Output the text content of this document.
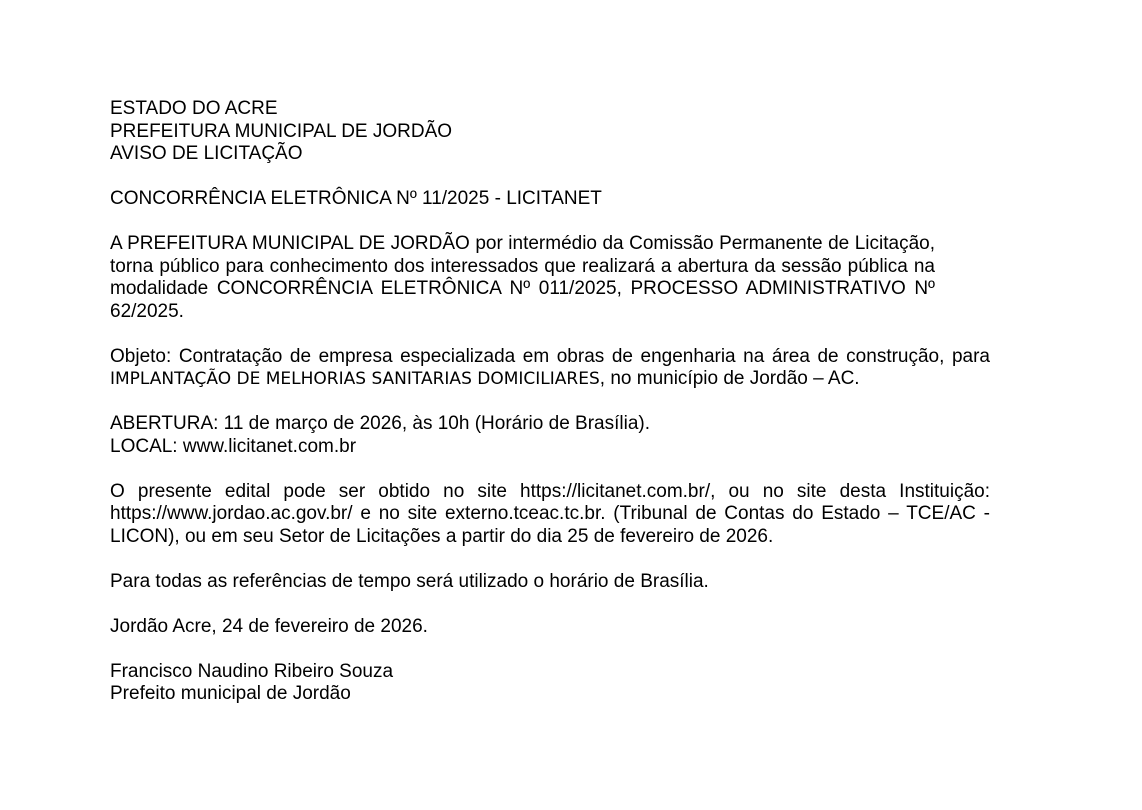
ESTADO DO ACRE
PREFEITURA MUNICIPAL DE JORDÃO
AVISO DE LICITAÇÃO
CONCORRÊNCIA ELETRÔNICA Nº 11/2025 - LICITANET

A PREFEITURA MUNICIPAL DE JORDÃO por intermédio da Comissão Permanente de Licitação, torna público para conhecimento dos interessados que realizará a abertura da sessão pública na modalidade CONCORRÊNCIA ELETRÔNICA Nº 011/2025, PROCESSO ADMINISTRATIVO Nº 62/2025.

Objeto: Contratação de empresa especializada em obras de engenharia na área de construção, para IMPLANTAÇÃO DE MELHORIAS SANITARIAS DOMICILIARES, no município de Jordão – AC.

ABERTURA: 11 de março de 2026, às 10h (Horário de Brasília).
LOCAL: www.licitanet.com.br

O presente edital pode ser obtido no site https://licitanet.com.br/, ou no site desta Instituição: https://www.jordao.ac.gov.br/ e no site externo.tceac.tc.br. (Tribunal de Contas do Estado – TCE/AC - LICON), ou em seu Setor de Licitações a partir do dia 25 de fevereiro de 2026.

Para todas as referências de tempo será utilizado o horário de Brasília.
Jordão Acre, 24 de fevereiro de 2026.
Francisco Naudino Ribeiro Souza
Prefeito municipal de Jordão
